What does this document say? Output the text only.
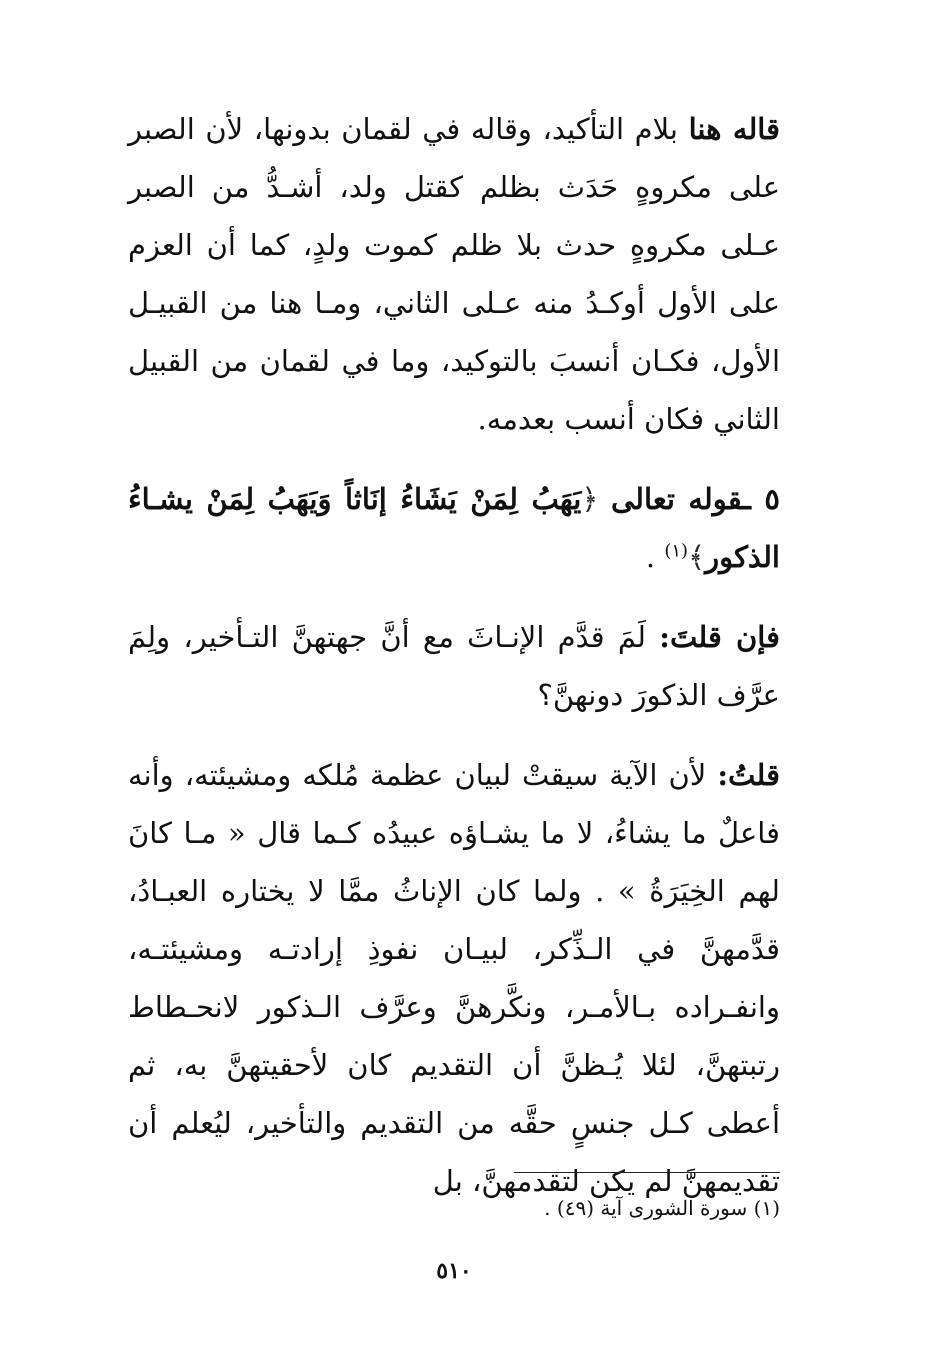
قاله هنا بلام التأكيد، وقاله في لقمان بدونها، لأن الصبر على مكروهٍ حَدَث بظلم كقتل ولد، أشـدُّ من الصبر عـلى مكروهٍ حدث بلا ظلم كموت ولدٍ، كما أن العزم على الأول أوكـدُ منه عـلى الثاني، ومـا هنا من القبيـل الأول، فكـان أنسبَ بالتوكيد، وما في لقمان من القبيل الثاني فكان أنسب بعدمه.

٥ ـقوله تعالى ﴿يَهَبُ لِمَنْ يَشَاءُ إنَاثاً وَيَهَبُ لِمَنْ يشـاءُ الذكور﴾$^{(١)}$ .

فإن قلتَ: لَمَ قدَّم الإنـاثَ مع أنَّ جهتهنَّ التـأخير، ولِمَ عرَّف الذكورَ دونهنَّ؟

قلتُ: لأن الآية سيقتْ لبيان عظمة مُلكه ومشيئته، وأنه فاعلٌ ما يشاءُ، لا ما يشـاؤه عبيدُه كـما قال « مـا كانَ لهم الخِيَرَةُ » . ولما كان الإناثُ ممَّا لا يختاره العبـادُ، قدَّمهنَّ في الـذِّكر، لبيـان نفوذِ إرادتـه ومشيئتـه، وانفـراده بـالأمـر، ونكَّرهنَّ وعرَّف الـذكور لانحـطاط رتبتهنَّ، لئلا يُـظنَّ أن التقديم كان لأحقيتهنَّ به، ثم أعطى كـل جنسٍ حقَّه من التقديم والتأخير، ليُعلم أن تقديمهنَّ لم يكن لتقدمهنَّ، بل

(١) سورة الشورى آية (٤٩) .

٥١٠
